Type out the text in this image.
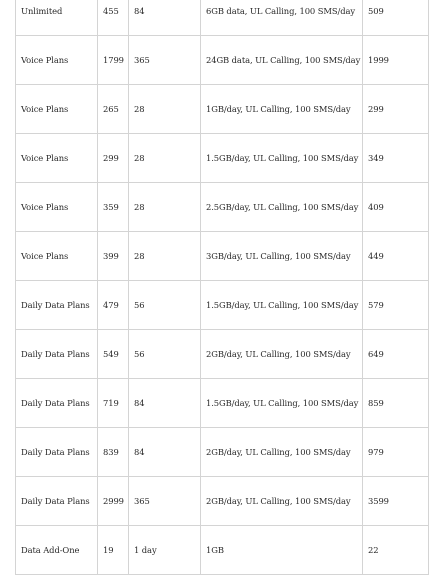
Unlimited	455	84	6GB data, UL Calling, 100 SMS/day	509
Voice Plans	1799	365	24GB data, UL Calling, 100 SMS/day	1999
Voice Plans	265	28	1GB/day, UL Calling, 100 SMS/day	299
Voice Plans	299	28	1.5GB/day, UL Calling, 100 SMS/day	349
Voice Plans	359	28	2.5GB/day, UL Calling, 100 SMS/day	409
Voice Plans	399	28	3GB/day, UL Calling, 100 SMS/day	449
Daily Data Plans	479	56	1.5GB/day, UL Calling, 100 SMS/day	579
Daily Data Plans	549	56	2GB/day, UL Calling, 100 SMS/day	649
Daily Data Plans	719	84	1.5GB/day, UL Calling, 100 SMS/day	859
Daily Data Plans	839	84	2GB/day, UL Calling, 100 SMS/day	979
Daily Data Plans	2999	365	2GB/day, UL Calling, 100 SMS/day	3599
Data Add-One	19	1 day	1GB	22
